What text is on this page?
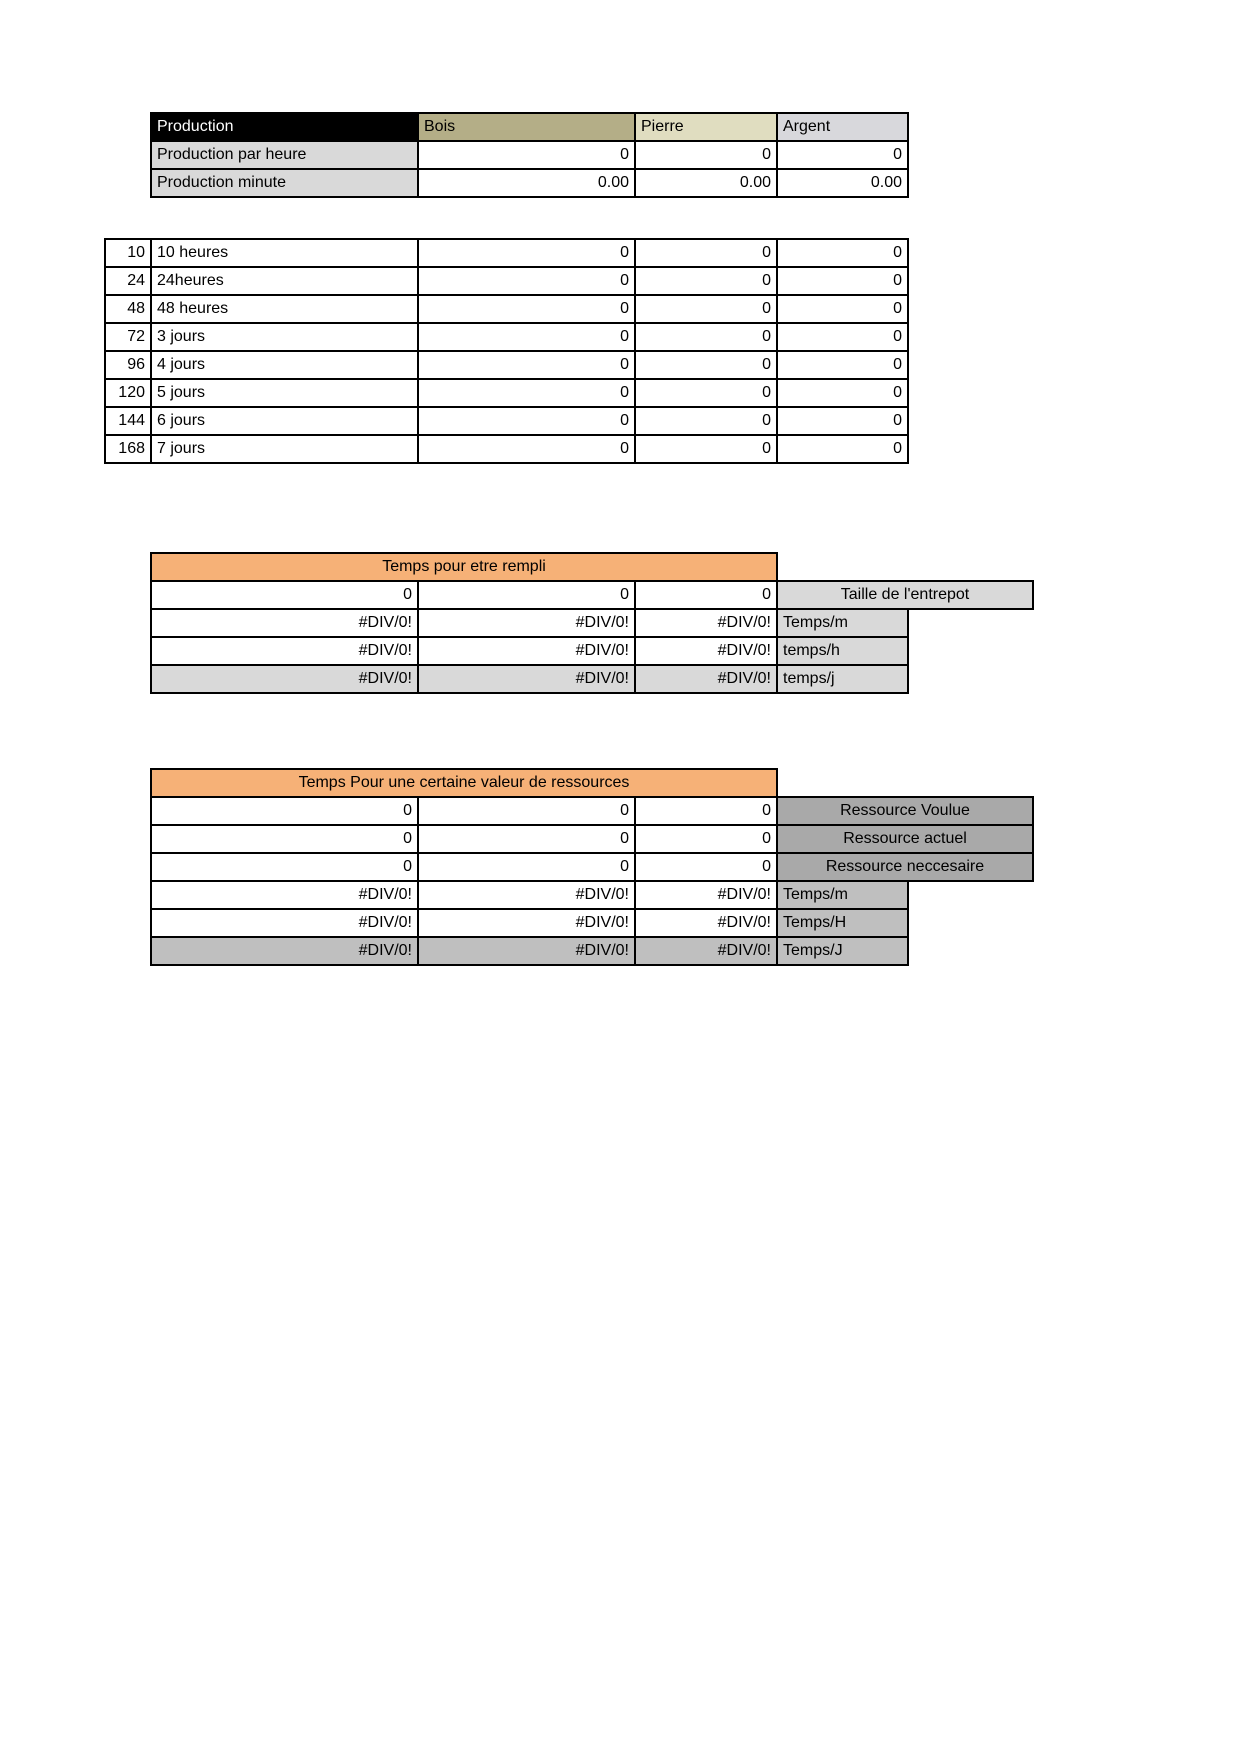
Production	Bois	Pierre	Argent
Production par heure	0	0	0
Production minute	0.00	0.00	0.00
10 10 heures	0	0	0
24 24heures	0	0	0
48 48 heures	0	0	0
72 3 jours	0	0	0
96 4 jours	0	0	0
120 5 jours	0	0	0
144 6 jours	0	0	0
168 7 jours	0	0	0
Temps pour etre rempli
0	0	0	Taille de l'entrepot
#DIV/0!	#DIV/0!	#DIV/0! Temps/m
#DIV/0!	#DIV/0!	#DIV/0! temps/h
#DIV/0!	#DIV/0!	#DIV/0! temps/j
Temps Pour une certaine valeur de ressources
0	0	0	Ressource Voulue
0	0	0	Ressource actuel
0	0	0	Ressource neccesaire
#DIV/0!	#DIV/0!	#DIV/0! Temps/m
#DIV/0!	#DIV/0!	#DIV/0! Temps/H
#DIV/0!	#DIV/0!	#DIV/0! Temps/J
